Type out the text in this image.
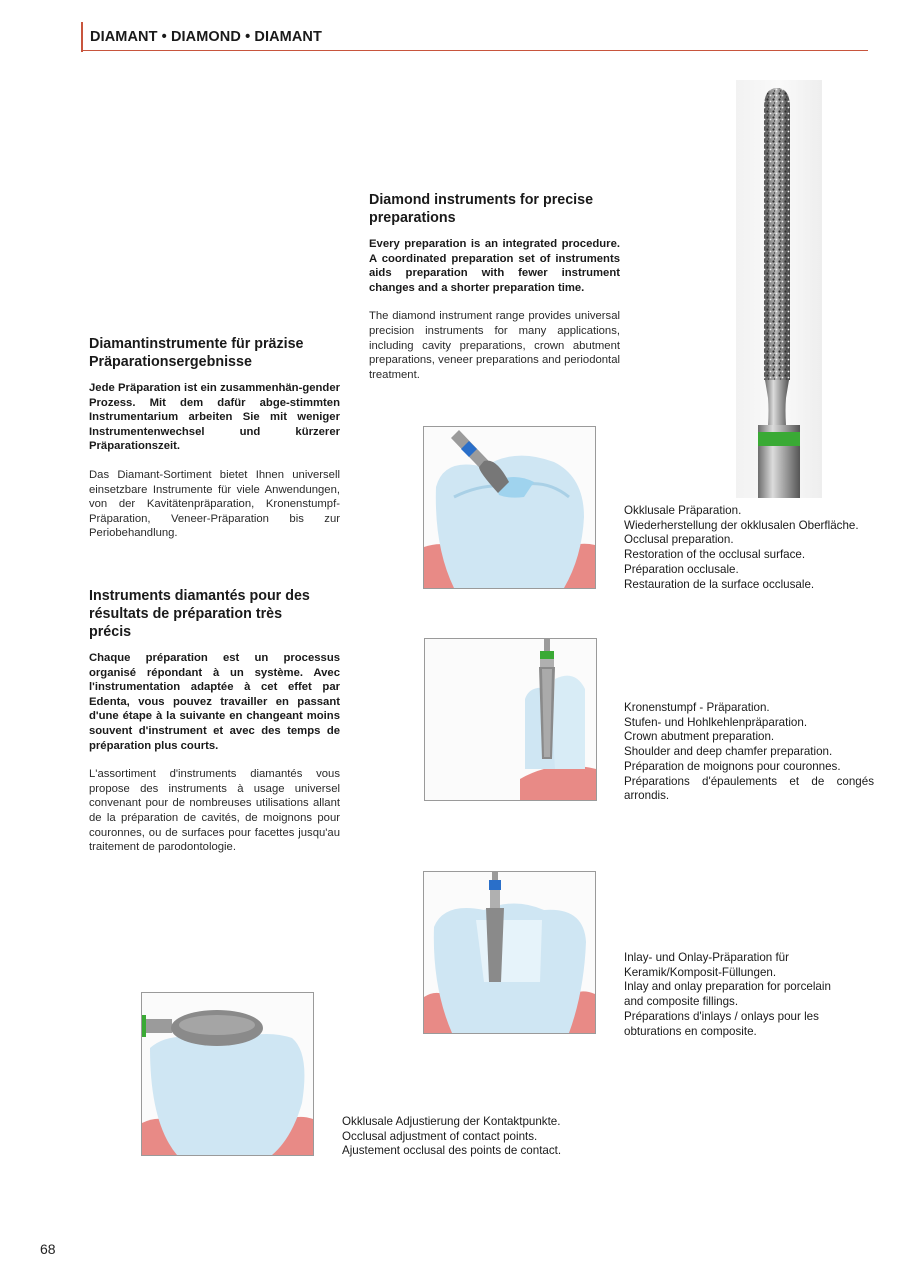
DIAMANT • DIAMOND • DIAMANT
Diamantinstrumente für präzise
Präparationsergebnisse

Jede Präparation ist ein zusammenhän-gender Prozess. Mit dem dafür abge-stimmten Instrumentarium arbeiten Sie mit weniger Instrumentenwechsel und kürzerer Präparationszeit.

Das Diamant-Sortiment bietet Ihnen universell einsetzbare Instrumente für viele Anwendungen, von der Kavitätenpräparation, Kronenstumpf-Präparation, Veneer-Präparation bis zur Periobehandlung.

Instruments diamantés pour des
résultats de préparation très
précis

Chaque préparation est un processus organisé répondant à un système. Avec l'instrumentation adaptée à cet effet par Edenta, vous pouvez travailler en passant d'une étape à la suivante en changeant moins souvent d'instrument et avec des temps de préparation plus courts.

L'assortiment d'instruments diamantés vous propose des instruments à usage universel convenant pour de nombreuses utilisations allant de la préparation de cavités, de moignons pour couronnes, ou de surfaces pour facettes jusqu'au traitement de parodontologie.

Diamond instruments for precise
preparations

Every preparation is an integrated procedure. A coordinated preparation set of instruments aids preparation with fewer instrument changes and a shorter preparation time.

The diamond instrument range provides universal precision instruments for many applications, including cavity preparations, crown abutment preparations, veneer preparations and periodontal treatment.

Okklusale Präparation.
Wiederherstellung der okklusalen Oberfläche.
Occlusal preparation.
Restoration of the occlusal surface.
Préparation occlusale.
Restauration de la surface occlusale.
Kronenstumpf - Präparation.
Stufen- und Hohlkehlenpräparation.
Crown abutment preparation.
Shoulder and deep chamfer preparation.
Préparation de moignons pour couronnes.
Préparations d'épaulements et de congés arrondis.
Inlay- und Onlay-Präparation für
Keramik/Komposit-Füllungen.
Inlay and onlay preparation for porcelain
and composite fillings.
Préparations d'inlays / onlays pour les
obturations en composite.
Okklusale Adjustierung der Kontaktpunkte.
Occlusal adjustment of contact points.
Ajustement occlusal des points de contact.
68
